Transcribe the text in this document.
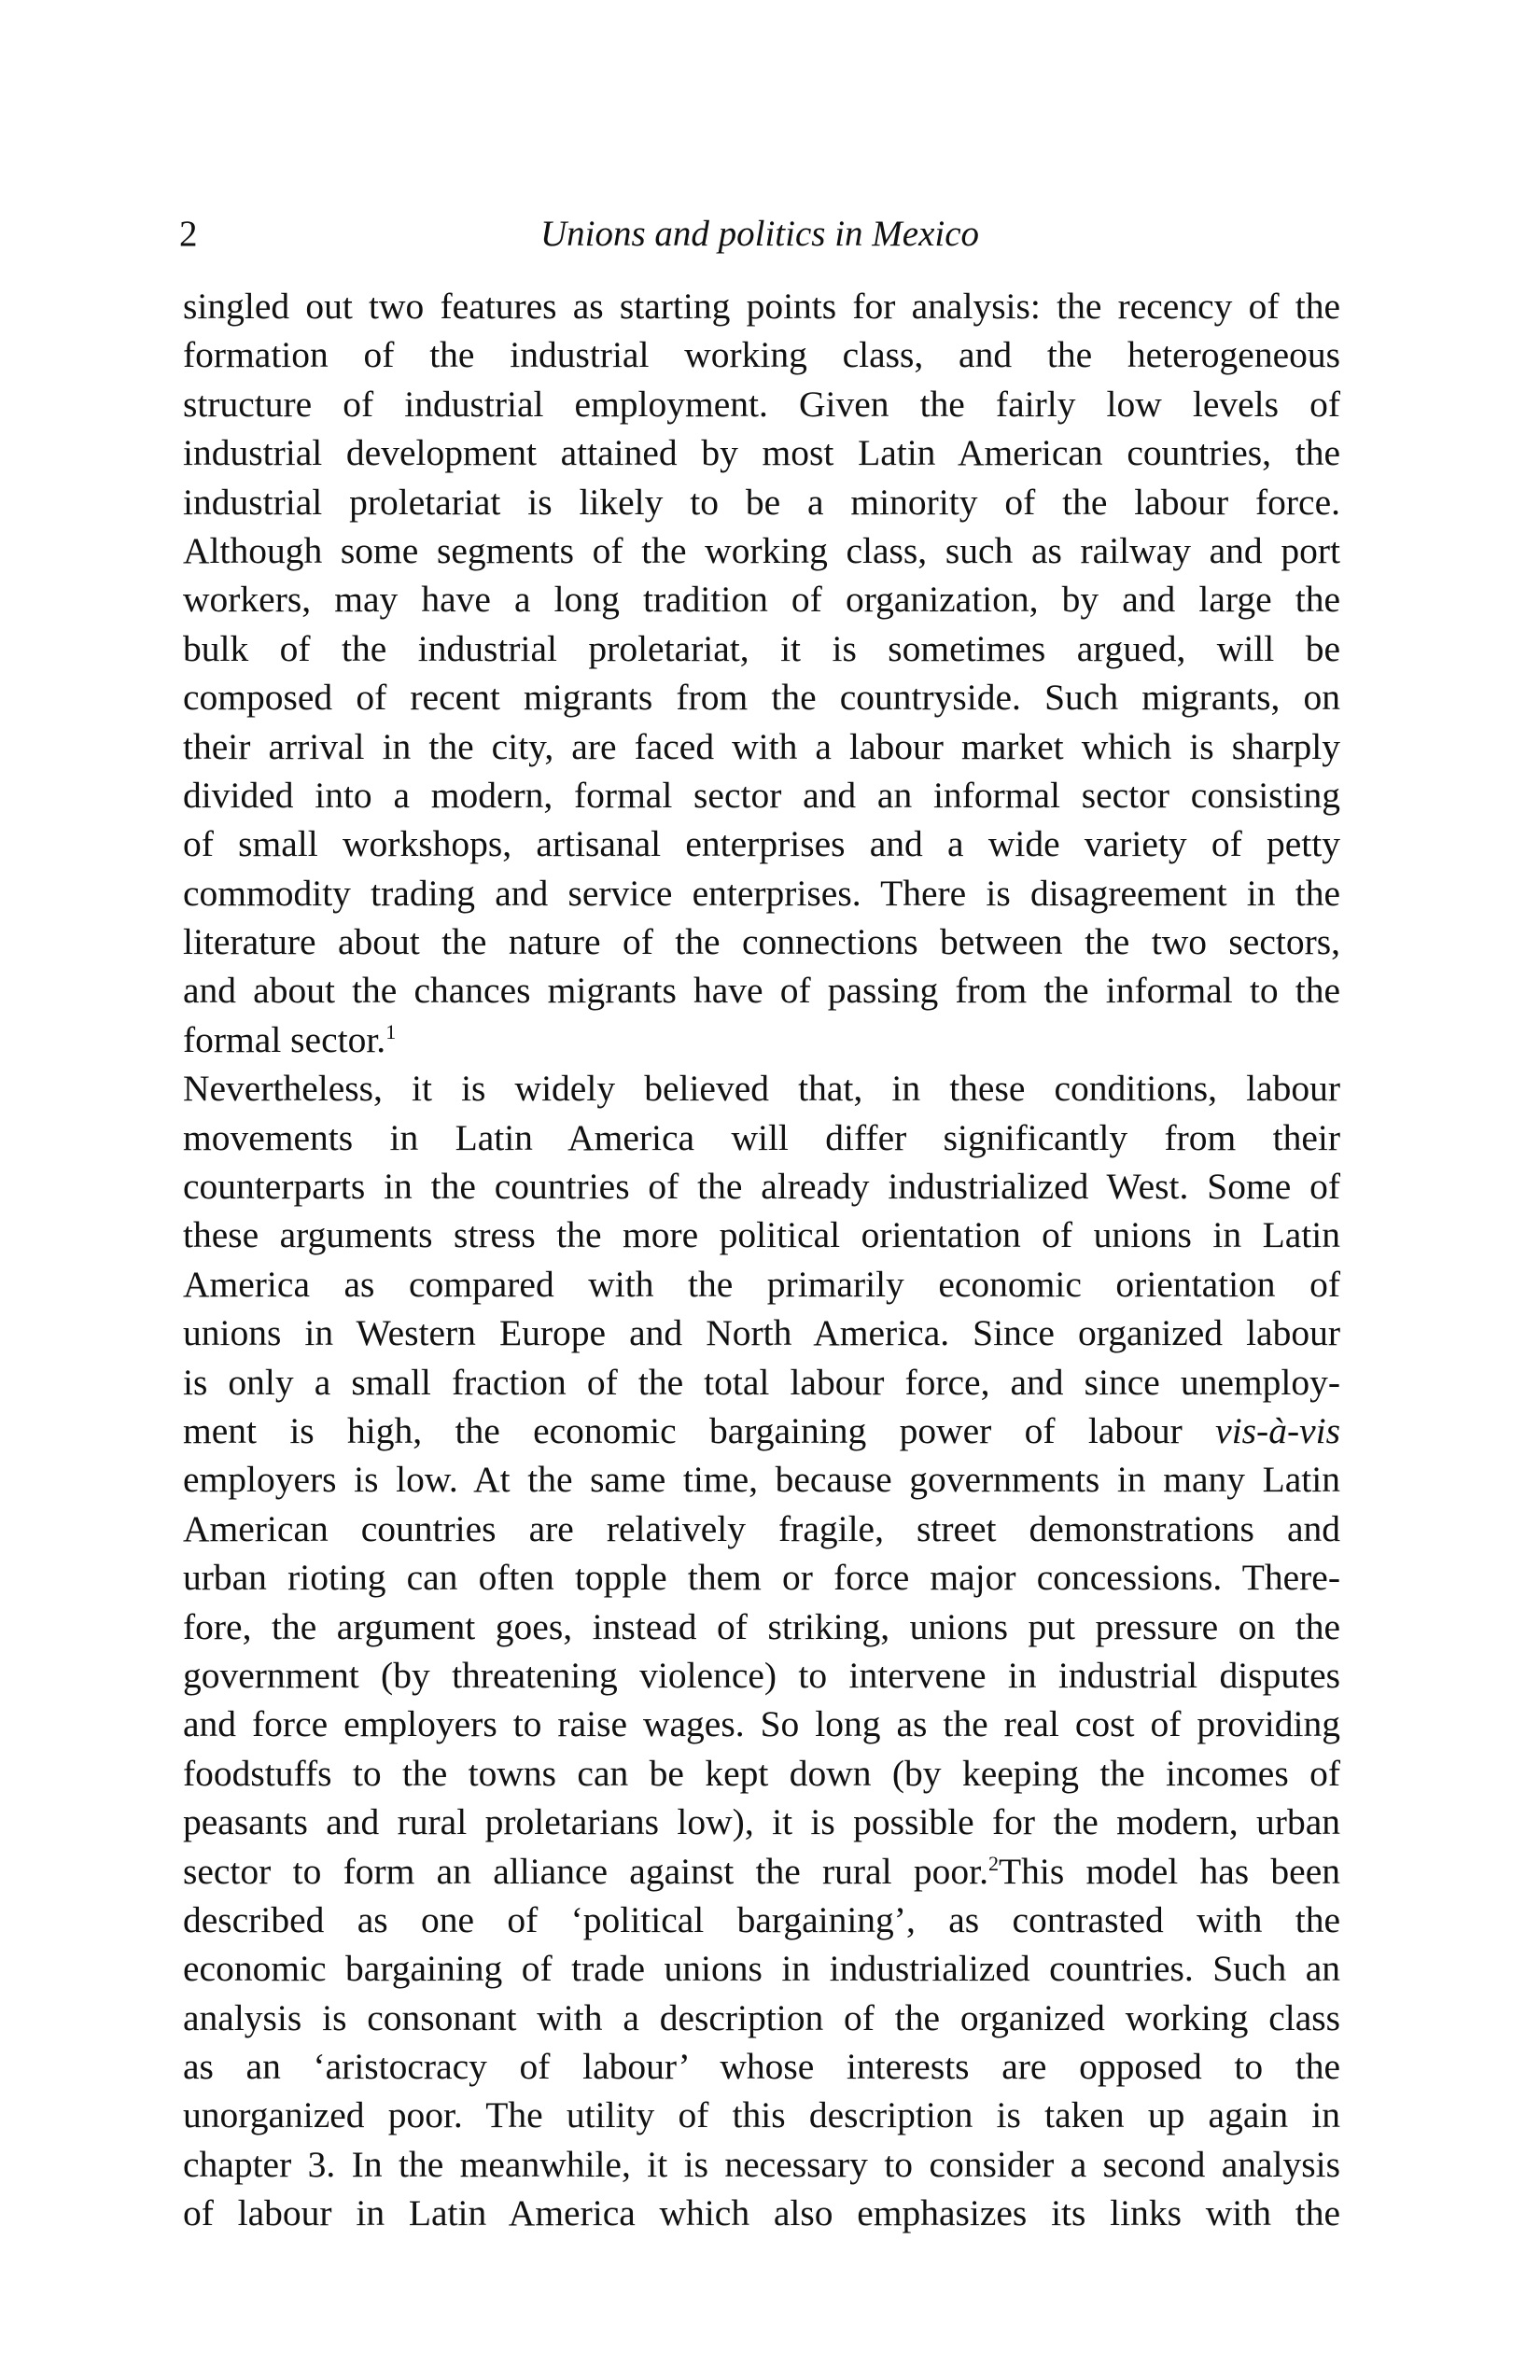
2	Unions and politics in Mexico
singled out two features as starting points for analysis: the recency of the
formation of the industrial working class, and the heterogeneous
structure of industrial employment. Given the fairly low levels of
industrial development attained by most Latin American countries, the
industrial proletariat is likely to be a minority of the labour force.
Although some segments of the working class, such as railway and port
workers, may have a long tradition of organization, by and large the
bulk of the industrial proletariat, it is sometimes argued, will be
composed of recent migrants from the countryside. Such migrants, on
their arrival in the city, are faced with a labour market which is sharply
divided into a modern, formal sector and an informal sector consisting
of small workshops, artisanal enterprises and a wide variety of petty
commodity trading and service enterprises. There is disagreement in the
literature about the nature of the connections between the two sectors,
and about the chances migrants have of passing from the informal to the
formal sector.$^1$
Nevertheless, it is widely believed that, in these conditions, labour
movements in Latin America will differ significantly from their
counterparts in the countries of the already industrialized West. Some of
these arguments stress the more political orientation of unions in Latin
America as compared with the primarily economic orientation of
unions in Western Europe and North America. Since organized labour
is only a small fraction of the total labour force, and since unemploy-
ment is high, the economic bargaining power of labour vis-à-vis
employers is low. At the same time, because governments in many Latin
American countries are relatively fragile, street demonstrations and
urban rioting can often topple them or force major concessions. There-
fore, the argument goes, instead of striking, unions put pressure on the
government (by threatening violence) to intervene in industrial disputes
and force employers to raise wages. So long as the real cost of providing
foodstuffs to the towns can be kept down (by keeping the incomes of
peasants and rural proletarians low), it is possible for the modern, urban
sector to form an alliance against the rural poor.$^2$This model has been
described as one of ‘political bargaining’, as contrasted with the
economic bargaining of trade unions in industrialized countries. Such an
analysis is consonant with a description of the organized working class
as an ‘aristocracy of labour’ whose interests are opposed to the
unorganized poor. The utility of this description is taken up again in
chapter 3. In the meanwhile, it is necessary to consider a second analysis
of labour in Latin America which also emphasizes its links with the
